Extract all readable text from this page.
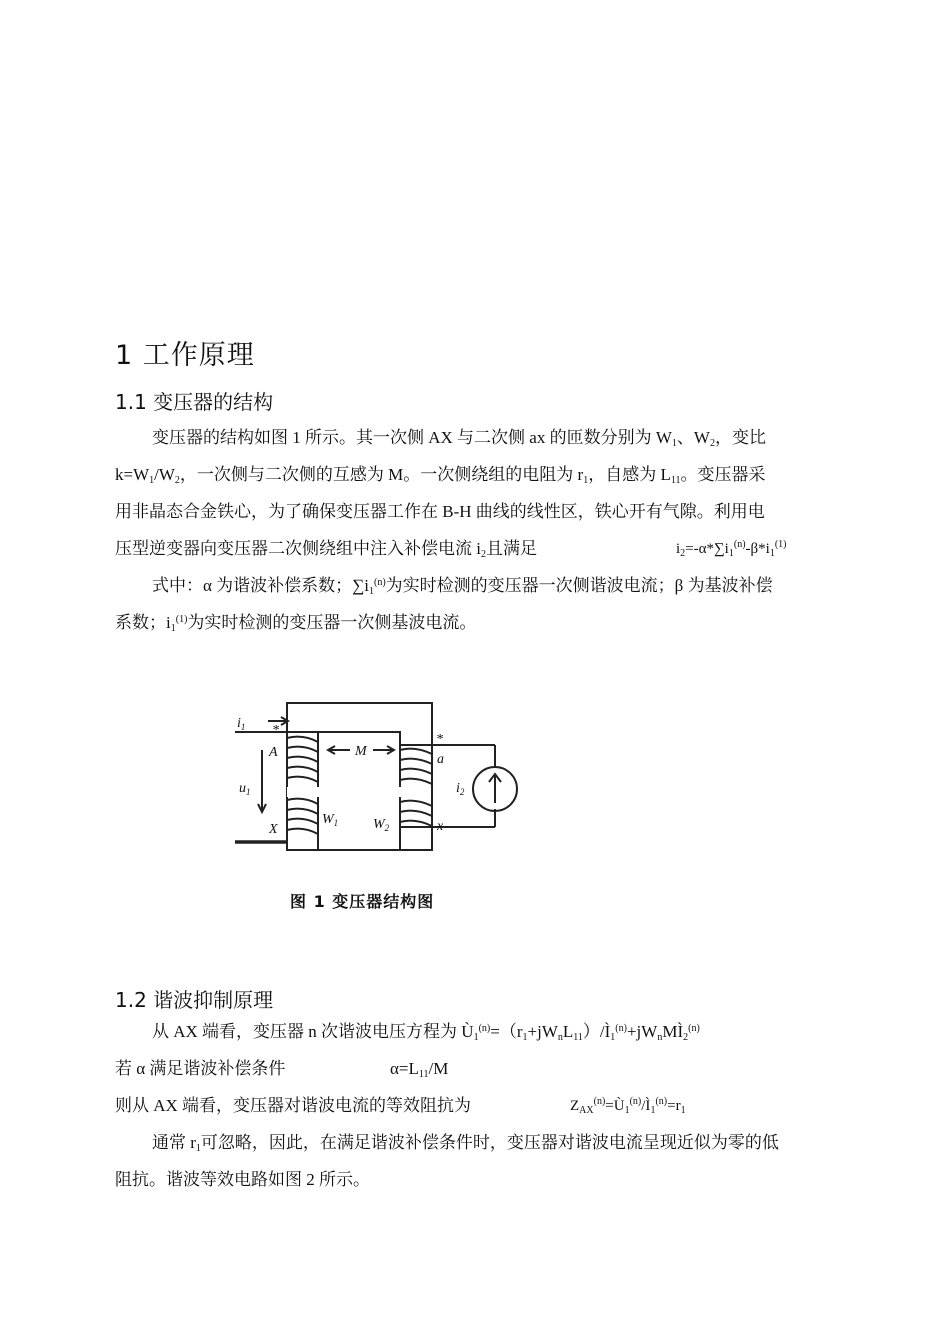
1 工作原理
1.1 变压器的结构
变压器的结构如图 1 所示。其一次侧 AX 与二次侧 ax 的匝数分别为 $W_1$、$W_2$，变比
$k=W_1/W_2$，一次侧与二次侧的互感为 M。一次侧绕组的电阻为 $r_1$，自感为 $L_{11}$。变压器采
用非晶态合金铁心，为了确保变压器工作在 B-H 曲线的线性区，铁心开有气隙。利用电
压型逆变器向变压器二次侧绕组中注入补偿电流 $i_2$且满足	$i_2=-\alpha*\sum i_1^{(n)}-\beta*i_1^{(1)}$
式中：α 为谐波补偿系数；$\sum i_1^{(n)}$为实时检测的变压器一次侧谐波电流；β 为基波补偿
系数；$i_1^{(1)}$为实时检测的变压器一次侧基波电流。
$i_1$ *
A
$u_1$
X
M
$W_1$ $W_2$
*
a
x
$i_2$
图 1 变压器结构图
1.2 谐波抑制原理
从 AX 端看，变压器 n 次谐波电压方程为 $Ù_1^{(n)}=(r_1+jW_nL_{11})/Ì_1^{(n)}+jW_nMÌ_2^{(n)}$
若 α 满足谐波补偿条件	$\alpha=L_{11}/M$
则从 AX 端看，变压器对谐波电流的等效阻抗为	$Z_{AX}^{(n)}=Ù_1^{(n)}/Ì_1^{(n)}=r_1$
通常 $r_1$可忽略，因此，在满足谐波补偿条件时，变压器对谐波电流呈现近似为零的低
阻抗。谐波等效电路如图 2 所示。
